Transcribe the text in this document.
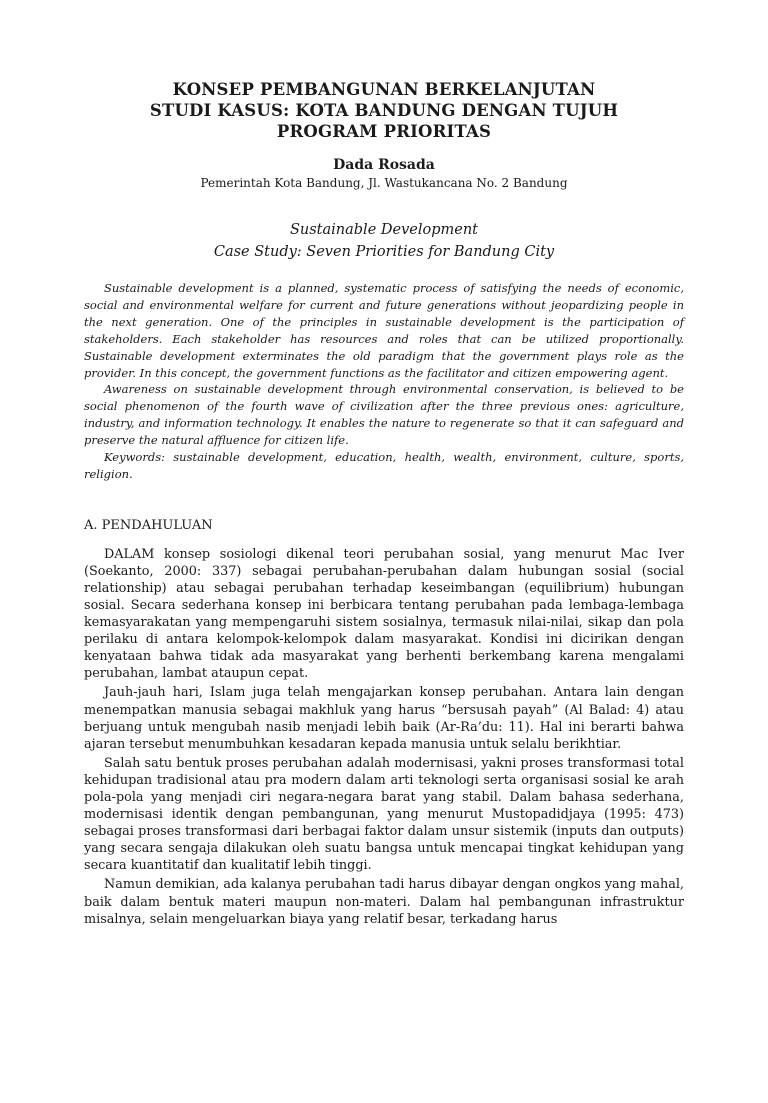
KONSEP PEMBANGUNAN BERKELANJUTAN
STUDI KASUS: KOTA BANDUNG DENGAN TUJUH
PROGRAM PRIORITAS
Dada Rosada
Pemerintah Kota Bandung, Jl. Wastukancana No. 2 Bandung
Sustainable Development
Case Study: Seven Priorities for Bandung City

Sustainable development is a planned, systematic process of satisfying the needs of economic, social and environmental welfare for current and future generations without jeopardizing people in the next generation. One of the principles in sustainable development is the participation of stakeholders. Each stakeholder has resources and roles that can be utilized proportionally. Sustainable development exterminates the old paradigm that the government plays role as the provider. In this concept, the government functions as the facilitator and citizen empowering agent.

Awareness on sustainable development through environmental conservation, is believed to be social phenomenon of the fourth wave of civilization after the three previous ones: agriculture, industry, and information technology. It enables the nature to regenerate so that it can safeguard and preserve the natural affluence for citizen life.

Keywords: sustainable development, education, health, wealth, environment, culture, sports, religion.

A. PENDAHULUAN

DALAM konsep sosiologi dikenal teori perubahan sosial, yang menurut Mac Iver (Soekanto, 2000: 337) sebagai perubahan-perubahan dalam hubungan sosial (social relationship) atau sebagai perubahan terhadap keseimbangan (equilibrium) hubungan sosial. Secara sederhana konsep ini berbicara tentang perubahan pada lembaga-lembaga kemasyarakatan yang mempengaruhi sistem sosialnya, termasuk nilai-nilai, sikap dan pola perilaku di antara kelompok-kelompok dalam masyarakat. Kondisi ini dicirikan dengan kenyataan bahwa tidak ada masyarakat yang berhenti berkembang karena mengalami perubahan, lambat ataupun cepat.

Jauh-jauh hari, Islam juga telah mengajarkan konsep perubahan. Antara lain dengan menempatkan manusia sebagai makhluk yang harus “bersusah payah” (Al Balad: 4) atau berjuang untuk mengubah nasib menjadi lebih baik (Ar-Ra’du: 11). Hal ini berarti bahwa ajaran tersebut menumbuhkan kesadaran kepada manusia untuk selalu berikhtiar.

Salah satu bentuk proses perubahan adalah modernisasi, yakni proses transformasi total kehidupan tradisional atau pra modern dalam arti teknologi serta organisasi sosial ke arah pola-pola yang menjadi ciri negara-negara barat yang stabil. Dalam bahasa sederhana, modernisasi identik dengan pembangunan, yang menurut Mustopadidjaya (1995: 473) sebagai proses transformasi dari berbagai faktor dalam unsur sistemik (inputs dan outputs) yang secara sengaja dilakukan oleh suatu bangsa untuk mencapai tingkat kehidupan yang secara kuantitatif dan kualitatif lebih tinggi.

Namun demikian, ada kalanya perubahan tadi harus dibayar dengan ongkos yang mahal, baik dalam bentuk materi maupun non-materi. Dalam hal pembangunan infrastruktur misalnya, selain mengeluarkan biaya yang relatif besar, terkadang harus
